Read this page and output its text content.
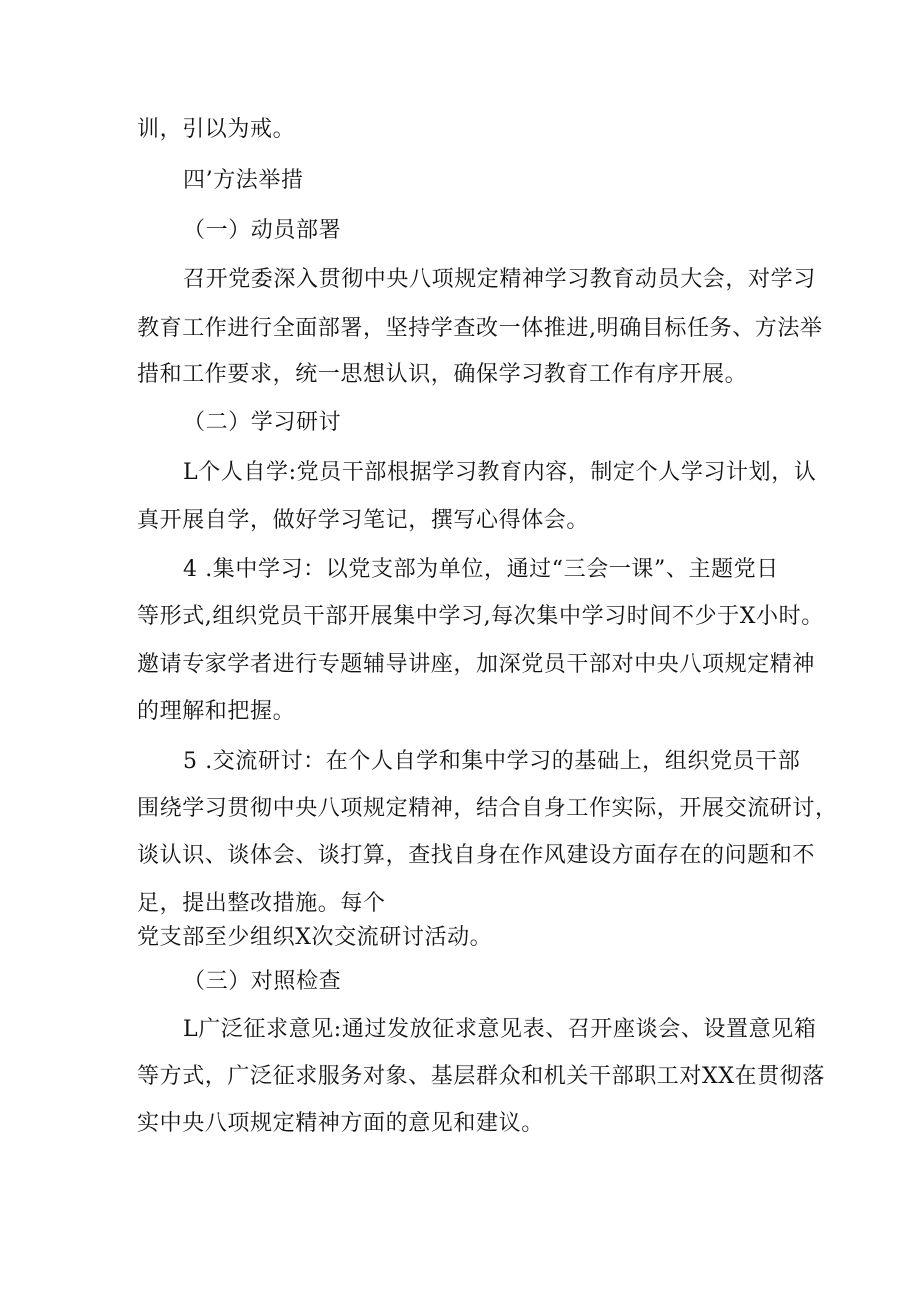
训，引以为戒。
四’方法举措
（一）动员部署
召开党委深入贯彻中央八项规定精神学习教育动员大会，对学习
教育工作进行全面部署，坚持学查改一体推进,明确目标任务、方法举
措和工作要求，统一思想认识，确保学习教育工作有序开展。
（二）学习研讨
L个人自学:党员干部根据学习教育内容，制定个人学习计划，认
真开展自学，做好学习笔记，撰写心得体会。
4 .集中学习：以党支部为单位，通过“三会一课”、主题党日
等形式,组织党员干部开展集中学习,每次集中学习时间不少于X小时。
邀请专家学者进行专题辅导讲座，加深党员干部对中央八项规定精神
的理解和把握。
5 .交流研讨：在个人自学和集中学习的基础上，组织党员干部
围绕学习贯彻中央八项规定精神，结合自身工作实际，开展交流研讨，
谈认识、谈体会、谈打算，查找自身在作风建设方面存在的问题和不
足，提出整改措施。每个
党支部至少组织X次交流研讨活动。
（三）对照检查
L广泛征求意见:通过发放征求意见表、召开座谈会、设置意见箱
等方式，广泛征求服务对象、基层群众和机关干部职工对XX在贯彻落
实中央八项规定精神方面的意见和建议。
